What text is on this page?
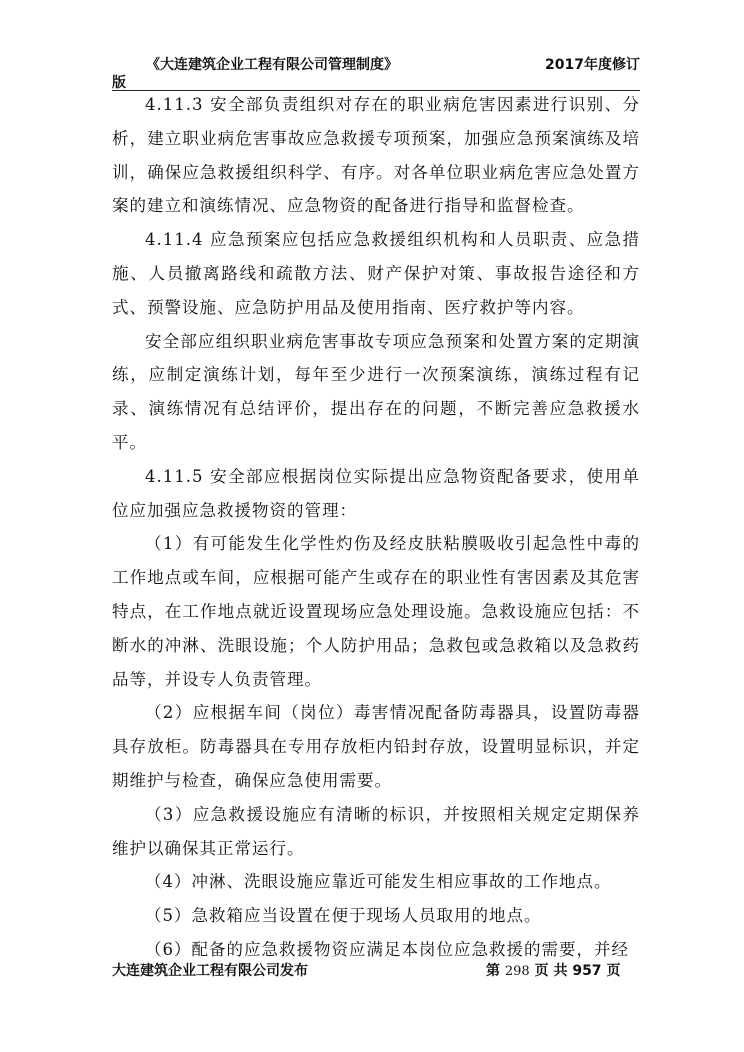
《大连建筑企业工程有限公司管理制度》	2017年度修订
版

4.11.3 安全部负责组织对存在的职业病危害因素进行识别、分析，建立职业病危害事故应急救援专项预案，加强应急预案演练及培训，确保应急救援组织科学、有序。对各单位职业病危害应急处置方案的建立和演练情况、应急物资的配备进行指导和监督检查。

4.11.4 应急预案应包括应急救援组织机构和人员职责、应急措施、人员撤离路线和疏散方法、财产保护对策、事故报告途径和方式、预警设施、应急防护用品及使用指南、医疗救护等内容。

安全部应组织职业病危害事故专项应急预案和处置方案的定期演练，应制定演练计划，每年至少进行一次预案演练，演练过程有记录、演练情况有总结评价，提出存在的问题，不断完善应急救援水平。

4.11.5 安全部应根据岗位实际提出应急物资配备要求，使用单位应加强应急救援物资的管理：

（1）有可能发生化学性灼伤及经皮肤粘膜吸收引起急性中毒的工作地点或车间，应根据可能产生或存在的职业性有害因素及其危害特点，在工作地点就近设置现场应急处理设施。急救设施应包括：不断水的冲淋、洗眼设施；个人防护用品；急救包或急救箱以及急救药品等，并设专人负责管理。

（2）应根据车间（岗位）毒害情况配备防毒器具，设置防毒器具存放柜。防毒器具在专用存放柜内铅封存放，设置明显标识，并定期维护与检查，确保应急使用需要。

（3）应急救援设施应有清晰的标识，并按照相关规定定期保养维护以确保其正常运行。

（4）冲淋、洗眼设施应靠近可能发生相应事故的工作地点。

（5）急救箱应当设置在便于现场人员取用的地点。

（6）配备的应急救援物资应满足本岗位应急救援的需要，并经

大连建筑企业工程有限公司发布	第 298 页 共 957 页
